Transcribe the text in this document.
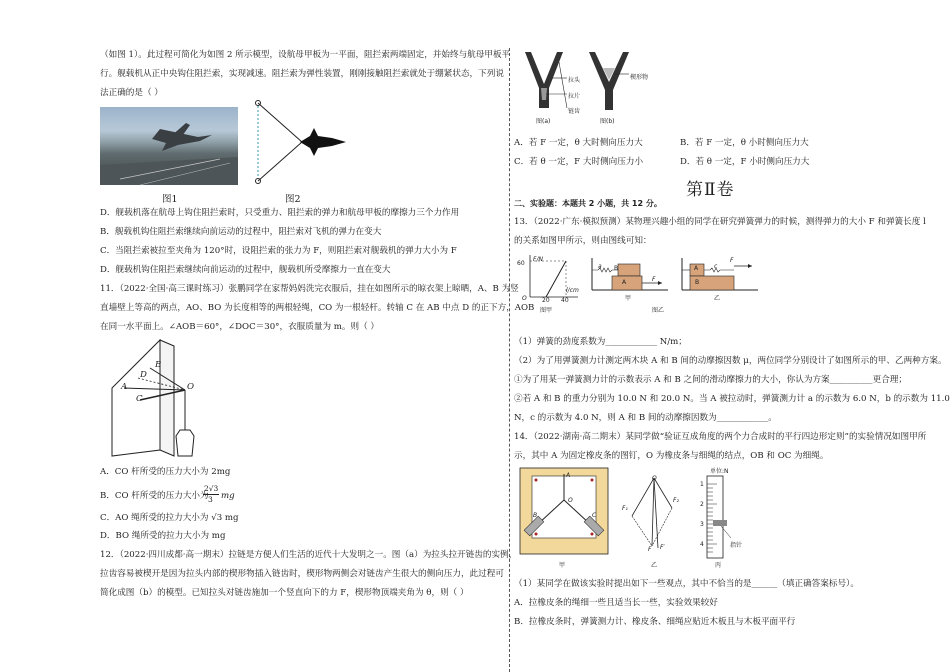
（如图 1）。此过程可简化为如图 2 所示模型，设航母甲板为一平面，阻拦索两端固定，并始终与航母甲板平
行。舰载机从正中央钩住阻拦索，实现减速。阻拦索为弹性装置，刚刚接触阻拦索就处于绷紧状态，下列说
法正确的是（ ）
图1	图2
D．舰载机落在航母上钩住阻拦索时，只受重力、阻拦索的弹力和航母甲板的摩擦力三个力作用
B．舰载机钩住阻拦索继续向前运动的过程中，阻拦索对飞机的弹力在变大
C．当阻拦索被拉至夹角为 120°时，设阻拦索的张力为 F，则阻拦索对舰载机的弹力大小为 F
D．舰载机钩住阻拦索继续向前运动的过程中，舰载机所受摩擦力一直在变大
11．（2022·全国·高三课时练习）张鹏同学在家帮妈妈洗完衣服后，挂在如图所示的晾衣架上晾晒，A、B 为竖
直墙壁上等高的两点，AO、BO 为长度相等的两根轻绳，CO 为一根轻杆。转轴 C 在 AB 中点 D 的正下方，AOB
在同一水平面上。∠AOB＝60°，∠DOC＝30°，衣服质量为 m。则（ ）
A
B
C
D
O
A．CO 杆所受的压力大小为 2mg
B．CO 杆所受的压力大小为
2√3
3 mg
C．AO 绳所受的拉力大小为 √3 mg
D．BO 绳所受的拉力大小为 mg
12．（2022·四川成都·高一期末）拉链是方便人们生活的近代十大发明之一。图（a）为拉头拉开链齿的实例，
拉齿容易被楔开是因为拉头内部的楔形物插入链齿时，楔形物两侧会对链齿产生很大的侧向压力，此过程可
简化成图（b）的模型。已知拉头对链齿施加一个竖直向下的力 F，楔形物顶端夹角为 θ，则（ ）
拉头
拉片
链齿
楔形物
图(a)	图(b)
A．若 F 一定，θ 大时侧向压力大	B．若 F 一定，θ 小时侧向压力大
C．若 θ 一定，F 大时侧向压力小	D．若 θ 一定，F 小时侧向压力大
第Ⅱ卷
二、实验题：本题共 2 小题，共 12 分。
13．（2022·广东·模拟预测）某物理兴趣小组的同学在研究弹簧弹力的时候，测得弹力的大小 F 和弹簧长度 l
的关系如图甲所示，则由图线可知：
F/N
60
O	20 40
l/cm
图甲
B
A
a
F
甲
A
B
c
F
乙
图乙
（1）弹簧的劲度系数为____________ N/m；
（2）为了用弹簧测力计测定两木块 A 和 B 间的动摩擦因数 μ，两位同学分别设计了如图所示的甲、乙两种方案。
①为了用某一弹簧测力计的示数表示 A 和 B 之间的滑动摩擦力的大小，你认为方案__________更合理；
②若 A 和 B 的重力分别为 10.0 N 和 20.0 N。当 A 被拉动时，弹簧测力计 a 的示数为 6.0 N，b 的示数为 11.0
N，c 的示数为 4.0 N，则 A 和 B 间的动摩擦因数为____________。
14．（2022·湖南·高二期末）某同学做“验证互成角度的两个力合成时的平行四边形定则”的实验情况如图甲所
示，其中 A 为固定橡皮条的图钉，O 为橡皮条与细绳的结点，OB 和 OC 为细绳。
A
O
B	C
甲
O
F₁
F₂
F F′
乙
单位:N
1
2
3
4	指针
丙
（1）某同学在做该实验时提出如下一些观点，其中不恰当的是______（填正确答案标号）。
A．拉橡皮条的绳细一些且适当长一些，实验效果较好
B．拉橡皮条时，弹簧测力计、橡皮条、细绳应贴近木板且与木板平面平行
